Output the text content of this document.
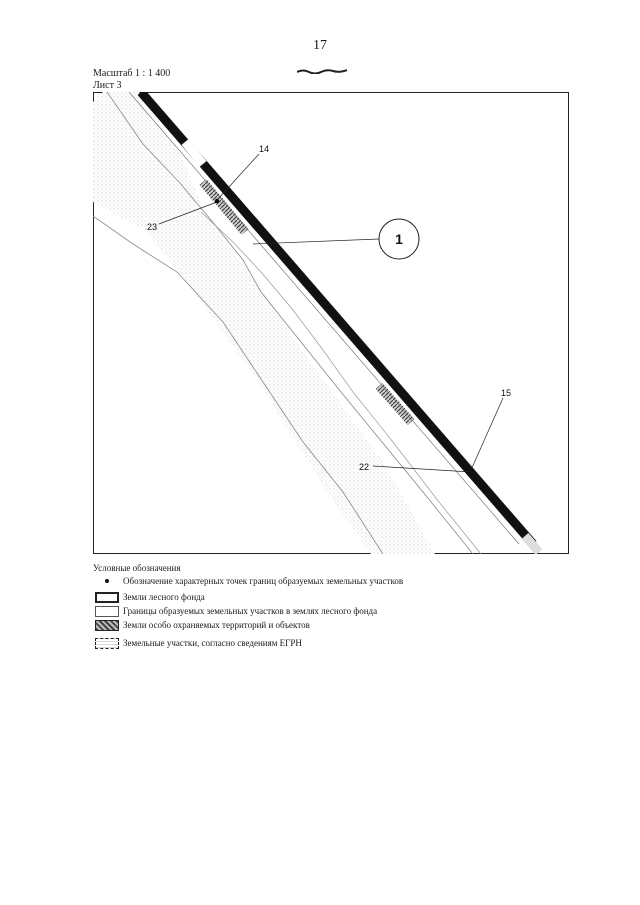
17
Масштаб 1 : 1 400
Лист 3
1
14
23
15
22
Условные обозначения
Обозначение характерных точек границ образуемых земельных участков
Земли лесного фонда
Границы образуемых земельных участков в землях лесного фонда
Земли особо охраняемых территорий и объектов
Земельные участки, согласно сведениям ЕГРН
